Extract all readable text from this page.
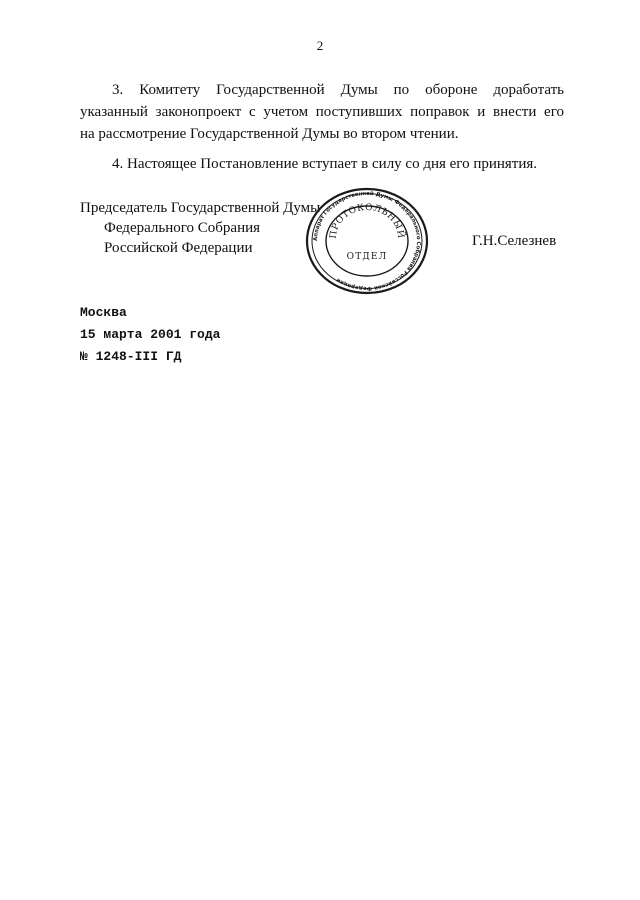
2
3. Комитету Государственной Думы по обороне доработать
указанный законопроект с учетом поступивших поправок и внести его
на рассмотрение Государственной Думы во втором чтении.
4. Настоящее Постановление вступает в силу со дня его принятия.
Председатель Государственной Думы
Федерального Собрания
Российской Федерации
Аппарат Государственной Думы Федерального Собрания Российской Федерации
ПРОТОКОЛЬНЫЙ
ОТДЕЛ
Г.Н.Селезнев
Москва
15 марта 2001 года
№ 1248-III ГД
